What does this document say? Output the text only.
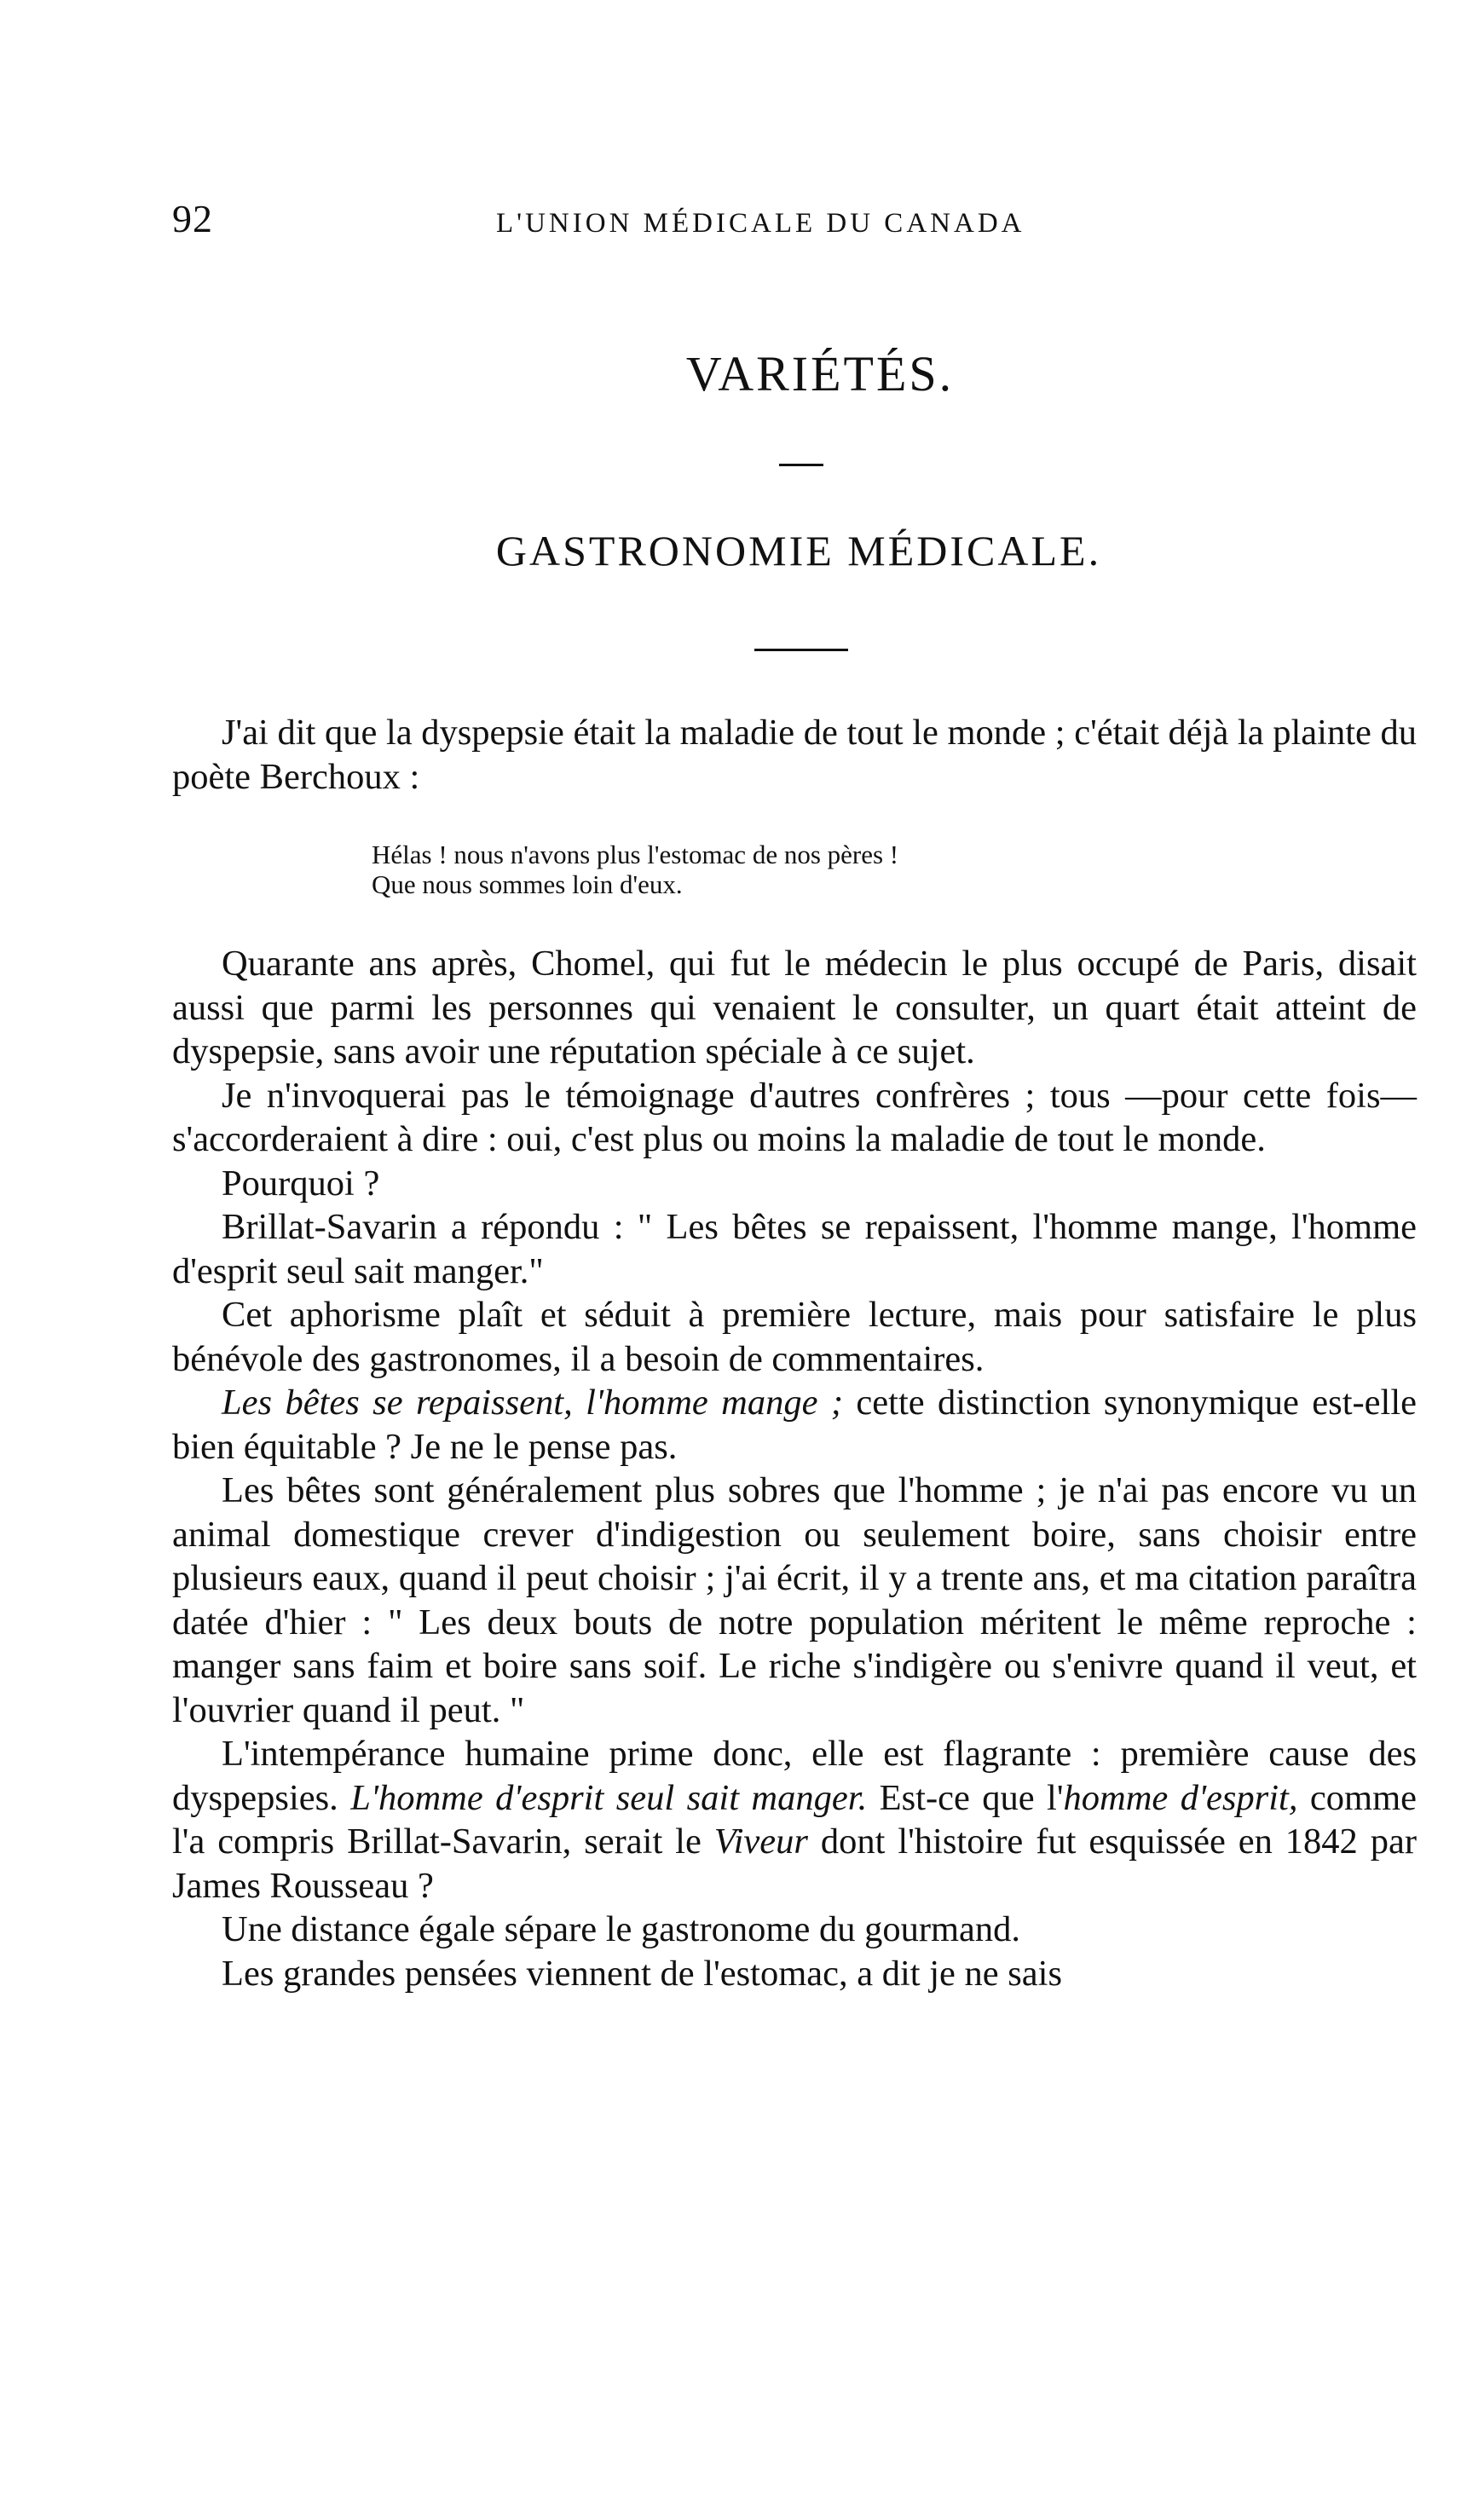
92	L'UNION MÉDICALE DU CANADA
VARIÉTÉS.
GASTRONOMIE MÉDICALE.

J'ai dit que la dyspepsie était la maladie de tout le monde ; c'était déjà la plainte du poète Berchoux :

Hélas ! nous n'avons plus l'estomac de nos pères !
Que nous sommes loin d'eux.

Quarante ans après, Chomel, qui fut le médecin le plus occupé de Paris, disait aussi que parmi les personnes qui venaient le consulter, un quart était atteint de dyspepsie, sans avoir une réputation spéciale à ce sujet.

Je n'invoquerai pas le témoignage d'autres confrères ; tous —pour cette fois—s'accorderaient à dire : oui, c'est plus ou moins la maladie de tout le monde.

Pourquoi ?

Brillat-Savarin a répondu : " Les bêtes se repaissent, l'homme mange, l'homme d'esprit seul sait manger."

Cet aphorisme plaît et séduit à première lecture, mais pour satisfaire le plus bénévole des gastronomes, il a besoin de commentaires.

Les bêtes se repaissent, l'homme mange ; cette distinction synonymique est-elle bien équitable ? Je ne le pense pas.

Les bêtes sont généralement plus sobres que l'homme ; je n'ai pas encore vu un animal domestique crever d'indigestion ou seulement boire, sans choisir entre plusieurs eaux, quand il peut choisir ; j'ai écrit, il y a trente ans, et ma citation paraîtra datée d'hier : " Les deux bouts de notre population méritent le même reproche : manger sans faim et boire sans soif. Le riche s'indigère ou s'enivre quand il veut, et l'ouvrier quand il peut. "

L'intempérance humaine prime donc, elle est flagrante : première cause des dyspepsies. L'homme d'esprit seul sait manger. Est-ce que l'homme d'esprit, comme l'a compris Brillat-Savarin, serait le Viveur dont l'histoire fut esquissée en 1842 par James Rousseau ?

Une distance égale sépare le gastronome du gourmand.

Les grandes pensées viennent de l'estomac, a dit je ne sais
